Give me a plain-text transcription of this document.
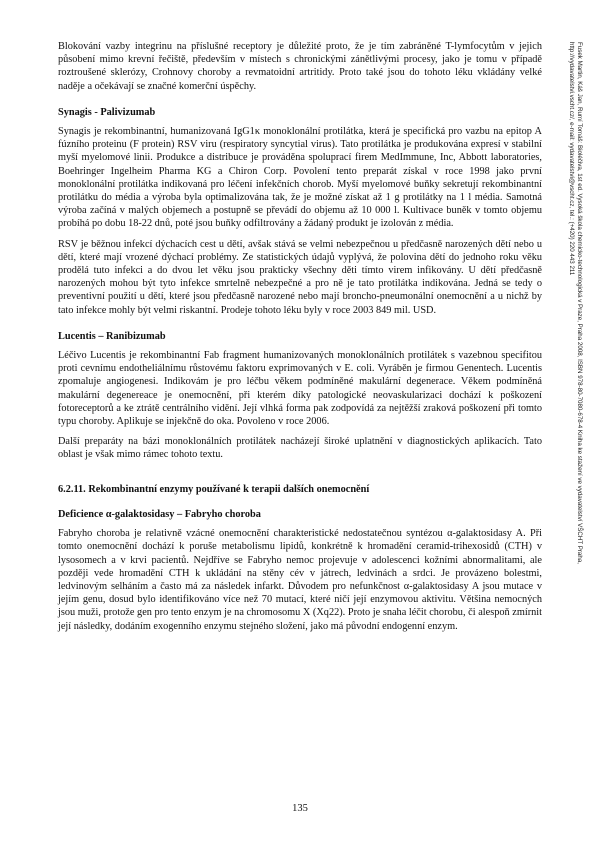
Blokování vazby integrinu na příslušné receptory je důležité proto, že je tím zabráněné T-lymfocytům v jejich působení mimo krevní řečiště, především v místech s chronickými zánětlivými procesy, jako je tomu v případě roztroušené sklerózy, Crohnovy choroby a revmatoidní artritidy. Proto také jsou do tohoto léku vkládány velké naděje a očekávají se značné komerční úspěchy.

Synagis - Palivizumab

Synagis je rekombinantní, humanizovaná IgG1κ monoklonální protilátka, která je specifická pro vazbu na epitop A fúzního proteinu (F protein) RSV viru (respiratory syncytial virus). Tato protilátka je produkována expresí v stabilní myší myelomové linii. Produkce a distribuce je prováděna spoluprací firem MedImmune, Inc, Abbott laboratories, Boehringer Ingelheim Pharma KG a Chiron Corp. Povolení tento preparát získal v roce 1998 jako první monoklonální protilátka indikovaná pro léčení infekčních chorob. Myší myelomové buňky sekretují rekombinantní protilátku do média a výroba byla optimalizována tak, že je možné získat až 1 g protilátky na 1 l média. Samotná výroba začíná v malých objemech a postupně se převádí do objemu až 10 000 l. Kultivace buněk v tomto objemu probíhá po dobu 18-22 dnů, poté jsou buňky odfiltrovány a žádaný produkt je izolován z média.

RSV je běžnou infekcí dýchacích cest u dětí, avšak stává se velmi nebezpečnou u předčasně narozených dětí nebo u dětí, které mají vrozené dýchací problémy. Ze statistických údajů vyplývá, že polovina dětí do jednoho roku věku prodělá tuto infekci a do dvou let věku jsou prakticky všechny děti tímto virem infikovány. U dětí předčasně narozených mohou být tyto infekce smrtelně nebezpečné a pro ně je tato protilátka indikována. Jedná se tedy o preventivní použití u dětí, které jsou předčasně narozené nebo mají broncho-pneumonální onemocnění a u nichž by tato infekce mohly být velmi riskantní. Prodeje tohoto léku byly v roce 2003 849 mil. USD.

Lucentis – Ranibizumab

Léčivo Lucentis je rekombinantní Fab fragment humanizovaných monoklonálních protilátek s vazebnou specifitou proti cevnímu endotheliálnímu růstovému faktoru exprimovaných v E. coli. Vyráběn je firmou Genentech. Lucentis zpomaluje angiogenesi. Indikovám je pro léčbu věkem podmíněné makulární degenerace. Věkem podmíněná makulární degenereace je onemocnění, při kterém díky patologické neovaskularizaci dochází k poškození fotoreceptorů a ke ztrátě centrálního vidění. Její vlhká forma pak zodpovídá za nejtěžší zraková poškození při tomto typu choroby. Aplikuje se injekčně do oka. Povoleno v roce 2006.

Další preparáty na bázi monoklonálních protilátek nacházejí široké uplatnění v diagnostických aplikacích. Tato oblast je však mimo rámec tohoto textu.

6.2.11. Rekombinantní enzymy používané k terapii dalších onemocnění
Deficience α-galaktosidasy – Fabryho choroba

Fabryho choroba je relativně vzácné onemocnění charakteristické nedostatečnou syntézou α-galaktosidasy A. Při tomto onemocnění dochází k poruše metabolismu lipidů, konkrétně k hromadění ceramid-trihexosidů (CTH) v lysosomech a v krvi pacientů. Nejdříve se Fabryho nemoc projevuje v adolescenci kožními abnormalitami, ale později vede hromadění CTH k ukládání na stěny cév v játrech, ledvinách a srdci. Je provázeno bolestmi, ledvinovým selháním a často má za následek infarkt. Důvodem pro nefunkčnost α-galaktosidasy A jsou mutace v jejím genu, dosud bylo identifikováno více než 70 mutací, které ničí její enzymovou aktivitu. Většina nemocných jsou muži, protože gen pro tento enzym je na chromosomu X (Xq22). Proto je snaha léčit chorobu, či alespoň zmírnit její následky, dodáním exogenního enzymu stejného složení, jako má původní endogenní enzym.

Fusek Martin, Káš Jan, Rumí Tomáš: Bioléčiva, 1st ed. Vysoká škola chemicko-technologická v Praze, Praha 2008, ISBN 978-80-7080-678-4 Kniha ke stažení ve vydavatelství VŠCHT Praha, http://vydavatelstvi.vscht.cz/, e-mail: vydavatelstvi@vscht.cz, tel.: (+420) 220 443 211
135
